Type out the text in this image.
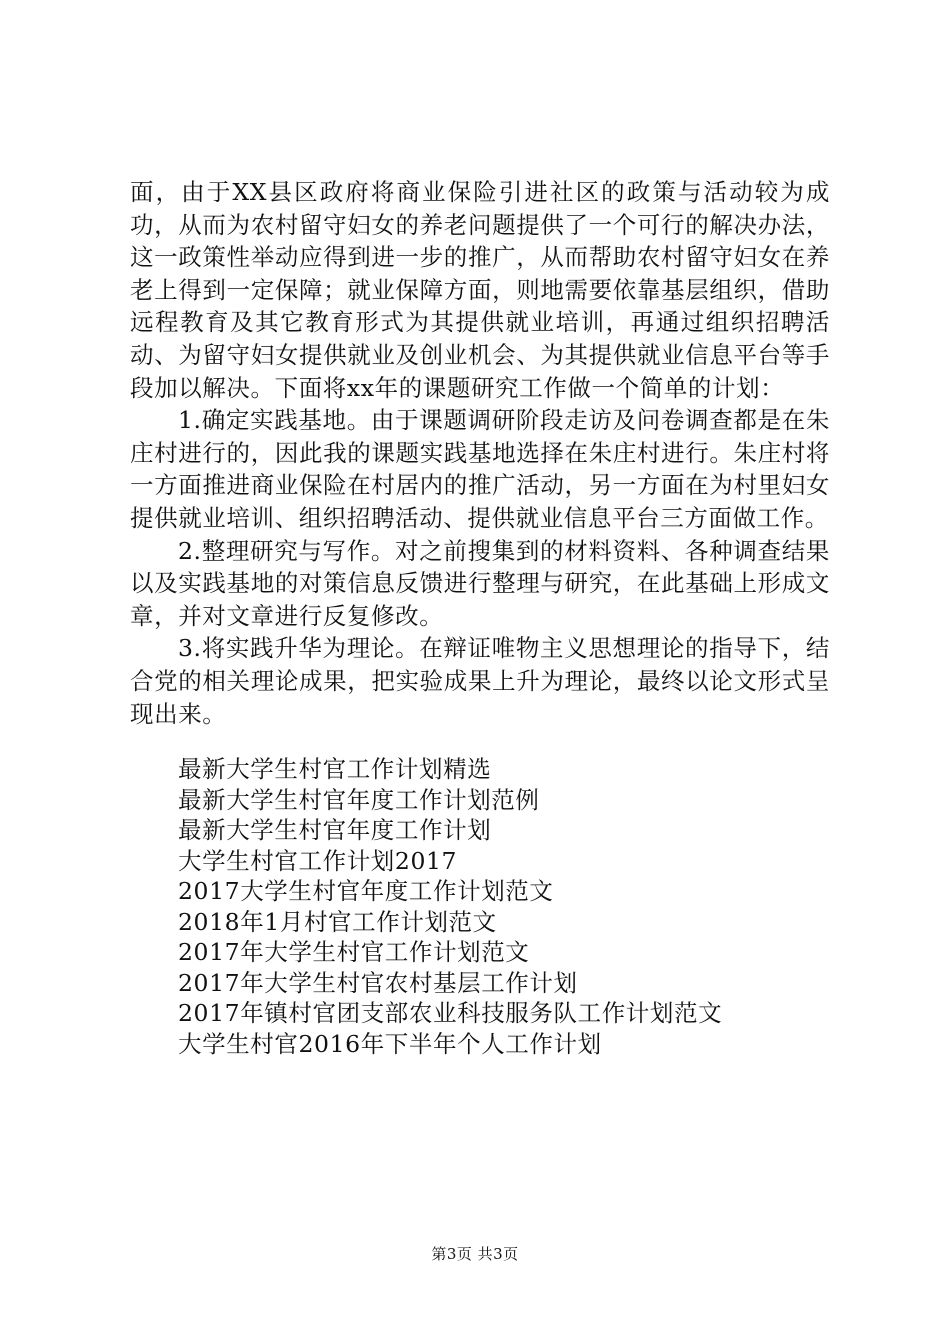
面，由于XX县区政府将商业保险引进社区的政策与活动较为成功，从而为农村留守妇女的养老问题提供了一个可行的解决办法，这一政策性举动应得到进一步的推广，从而帮助农村留守妇女在养老上得到一定保障；就业保障方面，则地需要依靠基层组织，借助远程教育及其它教育形式为其提供就业培训，再通过组织招聘活动、为留守妇女提供就业及创业机会、为其提供就业信息平台等手段加以解决。下面将xx年的课题研究工作做一个简单的计划：

1.确定实践基地。由于课题调研阶段走访及问卷调查都是在朱庄村进行的，因此我的课题实践基地选择在朱庄村进行。朱庄村将一方面推进商业保险在村居内的推广活动，另一方面在为村里妇女提供就业培训、组织招聘活动、提供就业信息平台三方面做工作。

2.整理研究与写作。对之前搜集到的材料资料、各种调查结果以及实践基地的对策信息反馈进行整理与研究，在此基础上形成文章，并对文章进行反复修改。

3.将实践升华为理论。在辩证唯物主义思想理论的指导下，结合党的相关理论成果，把实验成果上升为理论，最终以论文形式呈现出来。

最新大学生村官工作计划精选
最新大学生村官年度工作计划范例
最新大学生村官年度工作计划
大学生村官工作计划2017
2017大学生村官年度工作计划范文
2018年1月村官工作计划范文
2017年大学生村官工作计划范文
2017年大学生村官农村基层工作计划
2017年镇村官团支部农业科技服务队工作计划范文
大学生村官2016年下半年个人工作计划
第3页 共3页
